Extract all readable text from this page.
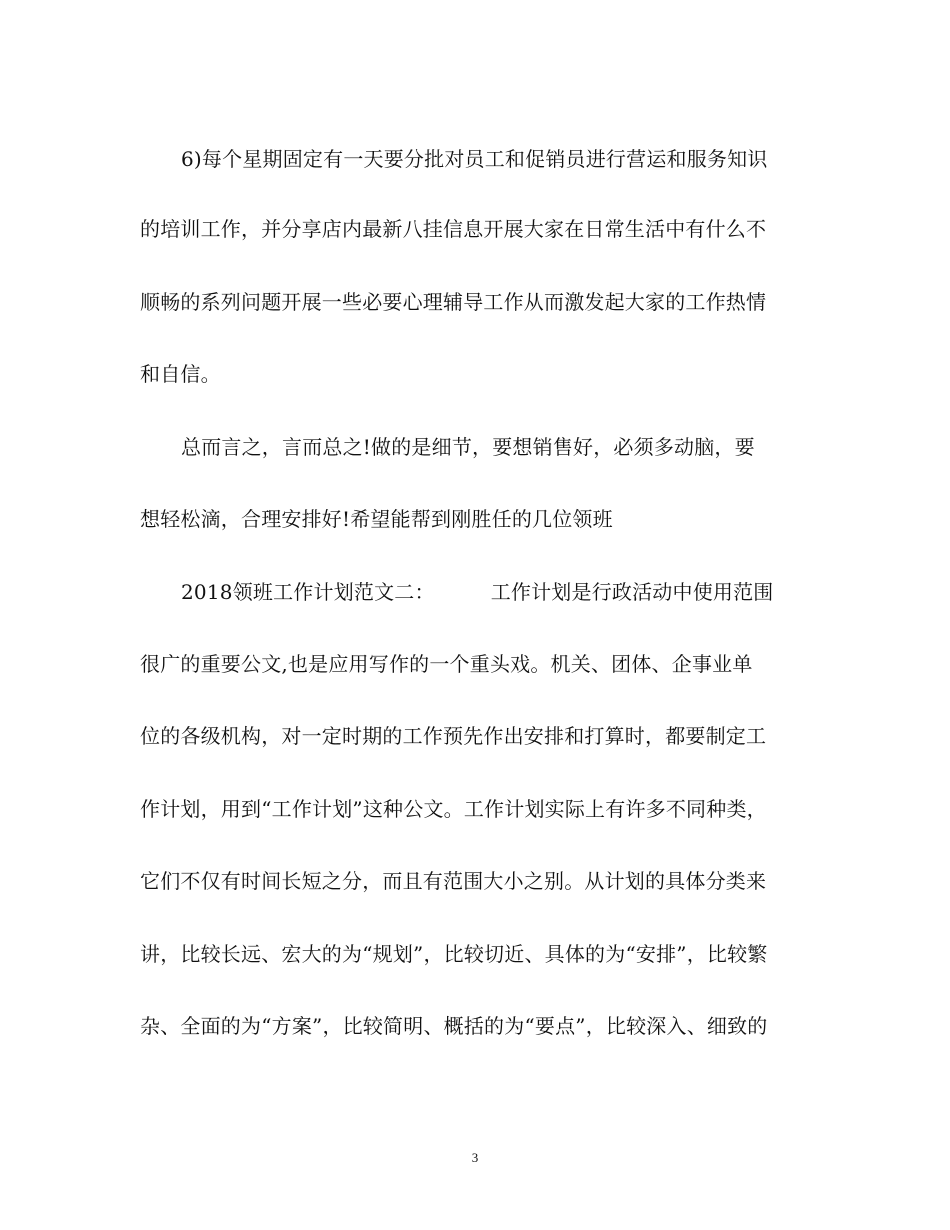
6)每个星期固定有一天要分批对员工和促销员进行营运和服务知识
的培训工作，并分享店内最新八挂信息开展大家在日常生活中有什么不
顺畅的系列问题开展一些必要心理辅导工作从而激发起大家的工作热情
和自信。
总而言之，言而总之!做的是细节，要想销售好，必须多动脑，要
想轻松滴，合理安排好!希望能帮到刚胜任的几位领班
2018领班工作计划范文二：	工作计划是行政活动中使用范围
很广的重要公文,也是应用写作的一个重头戏。机关、团体、企事业单
位的各级机构，对一定时期的工作预先作出安排和打算时，都要制定工
作计划，用到“工作计划”这种公文。工作计划实际上有许多不同种类，
它们不仅有时间长短之分，而且有范围大小之别。从计划的具体分类来
讲，比较长远、宏大的为“规划”，比较切近、具体的为“安排”，比较繁
杂、全面的为“方案”，比较简明、概括的为“要点”，比较深入、细致的
3
